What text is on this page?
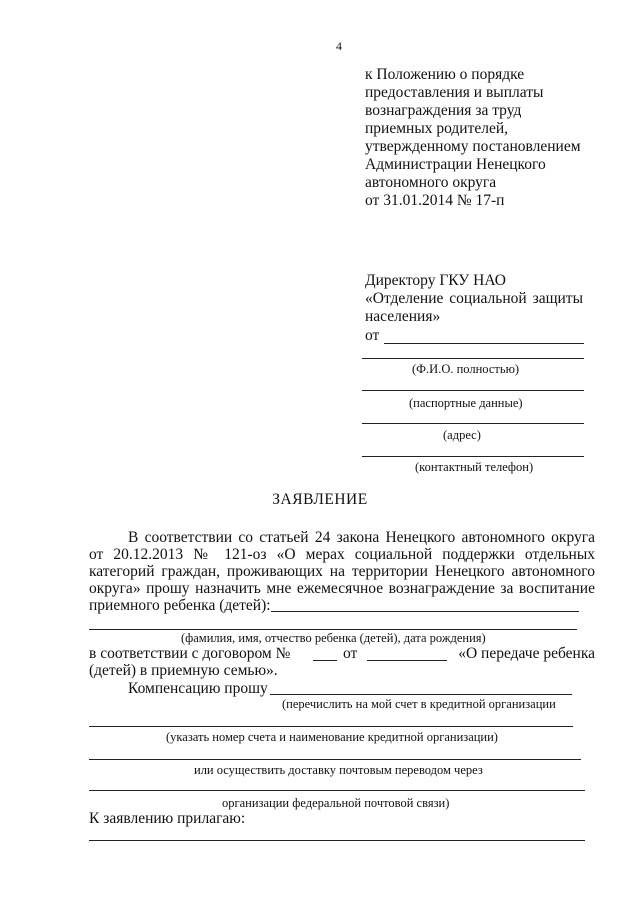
4
к Положению о порядке
предоставления и выплаты
вознаграждения за труд
приемных родителей,
утвержденному постановлением
Администрации Ненецкого
автономного округа
от 31.01.2014 № 17-п
Директору ГКУ НАО
«Отделение социальной защиты
населения»
от
(Ф.И.О. полностью)
(паспортные данные)
(адрес)
(контактный телефон)
ЗАЯВЛЕНИЕ
В соответствии со статьей 24 закона Ненецкого автономного округа
от 20.12.2013 № 121-оз «О мерах социальной поддержки отдельных
категорий граждан, проживающих на территории Ненецкого автономного
округа» прошу назначить мне ежемесячное вознаграждение за воспитание
приемного ребенка (детей):
(фамилия, имя, отчество ребенка (детей), дата рождения)
в соответствии с договором №	от	«О передаче ребенка
(детей) в приемную семью».
Компенсацию прошу
(перечислить на мой счет в кредитной организации
(указать номер счета и наименование кредитной организации)
или осуществить доставку почтовым переводом через
организации федеральной почтовой связи)
К заявлению прилагаю:
